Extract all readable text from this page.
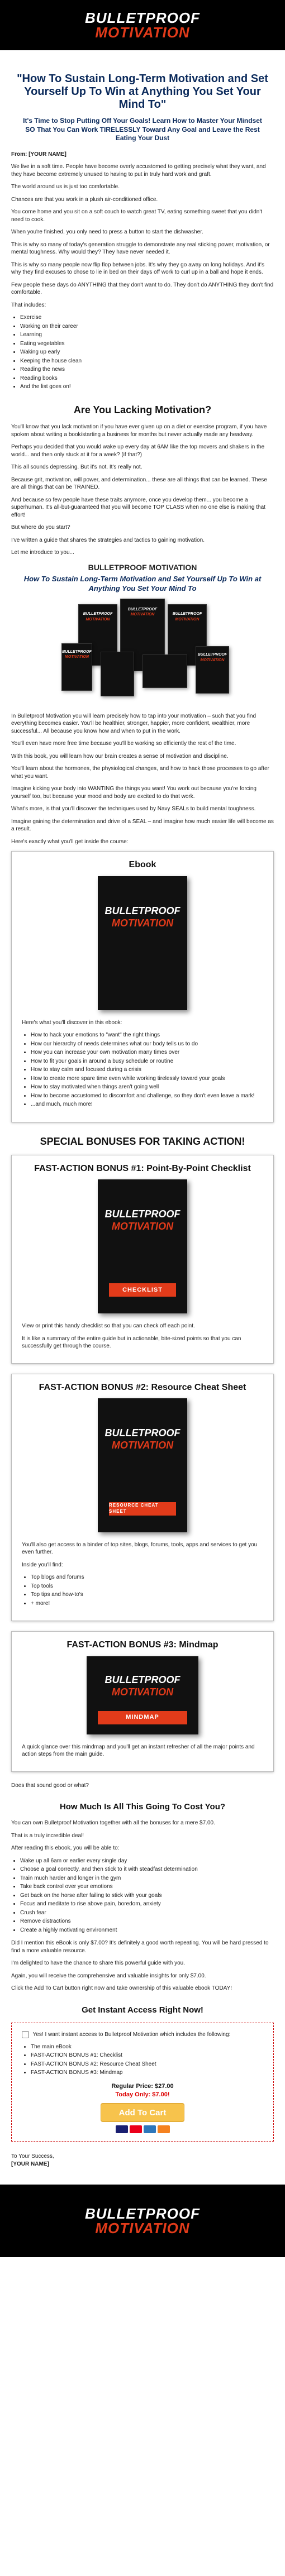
BULLETPROOF
MOTIVATION
"How To Sustain Long-Term Motivation and Set Yourself Up To Win at Anything You Set Your Mind To"
It's Time to Stop Putting Off Your Goals! Learn How to Master Your Mindset SO That You Can Work TIRELESSLY Toward Any Goal and Leave the Rest Eating Your Dust

From: [YOUR NAME]

We live in a soft time. People have become overly accustomed to getting precisely what they want, and they have become extremely unused to having to put in truly hard work and graft.

The world around us is just too comfortable.

Chances are that you work in a plush air-conditioned office.

You come home and you sit on a soft couch to watch great TV, eating something sweet that you didn't need to cook.

When you're finished, you only need to press a button to start the dishwasher.

This is why so many of today's generation struggle to demonstrate any real sticking power, motivation, or mental toughness. Why would they? They have never needed it.

This is why so many people now flip flop between jobs. It's why they go away on long holidays. And it's why they find excuses to chose to lie in bed on their days off work to curl up in a ball and hope it ends.

Few people these days do ANYTHING that they don't want to do. They don't do ANYTHING they don't find comfortable.

That includes:

• Exercise
• Working on their career
• Learning
• Eating vegetables
• Waking up early
• Keeping the house clean
• Reading the news
• Reading books
• And the list goes on!
Are You Lacking Motivation?

You'll know that you lack motivation if you have ever given up on a diet or exercise program, if you have spoken about writing a book/starting a business for months but never actually made any headway.

Perhaps you decided that you would wake up every day at 6AM like the top movers and shakers in the world... and then only stuck at it for a week? (if that?)

This all sounds depressing. But it's not. It's really not.

Because grit, motivation, will power, and determination... these are all things that can be learned. These are all things that can be TRAINED.

And because so few people have these traits anymore, once you develop them... you become a superhuman. It's all-but-guaranteed that you will become TOP CLASS when no one else is making that effort!

But where do you start?

I've written a guide that shares the strategies and tactics to gaining motivation.

Let me introduce to you...

BULLETPROOF MOTIVATION
How To Sustain Long-Term Motivation and Set Yourself Up To Win at Anything You Set Your Mind To
BULLETPROOF
MOTIVATION
BULLETPROOF
MOTIVATION	BULLETPROOF
MOTIVATION
BULLETPROOF
MOTIVATION
BULLETPROOF
MOTIVATION

In Bulletproof Motivation you will learn precisely how to tap into your motivation – such that you find everything becomes easier. You'll be healthier, stronger, happier, more confident, wealthier, more successful... All because you know how and when to put in the work.

You'll even have more free time because you'll be working so efficiently the rest of the time.

With this book, you will learn how our brain creates a sense of motivation and discipline.

You'll learn about the hormones, the physiological changes, and how to hack those processes to go after what you want.

Imagine kicking your body into WANTING the things you want! You work out because you're forcing yourself too, but because your mood and body are excited to do that work.

What's more, is that you'll discover the techniques used by Navy SEALs to build mental toughness.

Imagine gaining the determination and drive of a SEAL – and imagine how much easier life will become as a result.

Here's exactly what you'll get inside the course:

Ebook
BULLETPROOF
MOTIVATION

Here's what you'll discover in this ebook:

• How to hack your emotions to "want" the right things
• How our hierarchy of needs determines what our body tells us to do
• How you can increase your own motivation many times over
• How to fit your goals in around a busy schedule or routine
• How to stay calm and focused during a crisis
• How to create more spare time even while working tirelessly toward your goals
• How to stay motivated when things aren't going well
• How to become accustomed to discomfort and challenge, so they don't even leave a mark!
• ...and much, much more!
SPECIAL BONUSES FOR TAKING ACTION!
FAST-ACTION BONUS #1: Point-By-Point Checklist
BULLETPROOF
MOTIVATION
CHECKLIST

View or print this handy checklist so that you can check off each point.

It is like a summary of the entire guide but in actionable, bite-sized points so that you can successfully get through the course.

FAST-ACTION BONUS #2: Resource Cheat Sheet
BULLETPROOF
MOTIVATION
RESOURCE CHEAT SHEET

You'll also get access to a binder of top sites, blogs, forums, tools, apps and services to get you even further.

Inside you'll find:

• Top blogs and forums
• Top tools
• Top tips and how-to's
• + more!
FAST-ACTION BONUS #3: Mindmap
BULLETPROOF
MOTIVATION
MINDMAP

A quick glance over this mindmap and you'll get an instant refresher of all the major points and action steps from the main guide.

Does that sound good or what?

How Much Is All This Going To Cost You?

You can own Bulletproof Motivation together with all the bonuses for a mere $7.00.

That is a truly incredible deal!

After reading this ebook, you will be able to:

• Wake up all 6am or earlier every single day
• Choose a goal correctly, and then stick to it with steadfast determination
• Train much harder and longer in the gym
• Take back control over your emotions
• Get back on the horse after failing to stick with your goals
• Focus and meditate to rise above pain, boredom, anxiety
• Crush fear
• Remove distractions
• Create a highly motivating environment

Did I mention this eBook is only $7.00? It's definitely a good worth repeating. You will be hard pressed to find a more valuable resource.

I'm delighted to have the chance to share this powerful guide with you.

Again, you will receive the comprehensive and valuable insights for only $7.00.

Click the Add To Cart button right now and take ownership of this valuable ebook TODAY!

Get Instant Access Right Now!
Yes! I want instant access to Bulletproof Motivation which includes the following:
• The main eBook
• FAST-ACTION BONUS #1: Checklist
• FAST-ACTION BONUS #2: Resource Cheat Sheet
• FAST-ACTION BONUS #3: Mindmap
Regular Price: $27.00
Today Only: $7.00!
Add To Cart
To Your Success,
[YOUR NAME]
BULLETPROOF
MOTIVATION
